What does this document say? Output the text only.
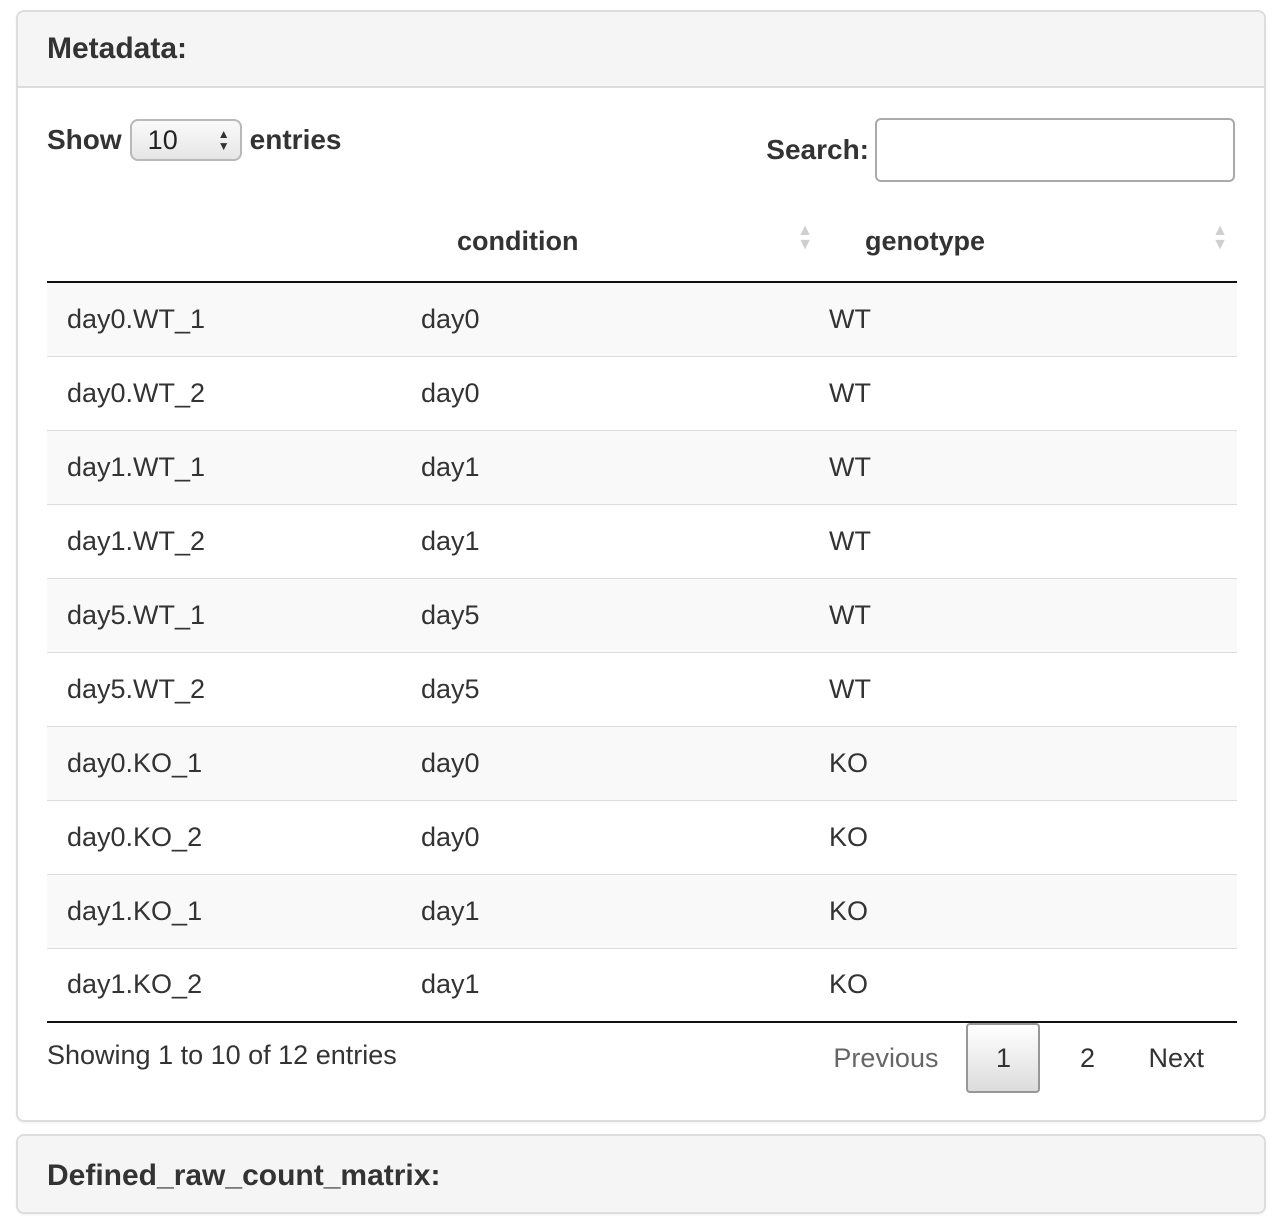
Metadata:
Show 10	▲
▼ entries	Search:

	condition ▲
▼	genotype ▲
▼

day0.WT_1	day0	WT
day0.WT_2	day0	WT
day1.WT_1	day1	WT
day1.WT_2	day1	WT
day5.WT_1	day5	WT
day5.WT_2	day5	WT
day0.KO_1	day0	KO
day0.KO_2	day0	KO
day1.KO_1	day1	KO
day1.KO_2	day1	KO
Showing 1 to 10 of 12 entries	Previous	1	2	Next
Defined_raw_count_matrix:
